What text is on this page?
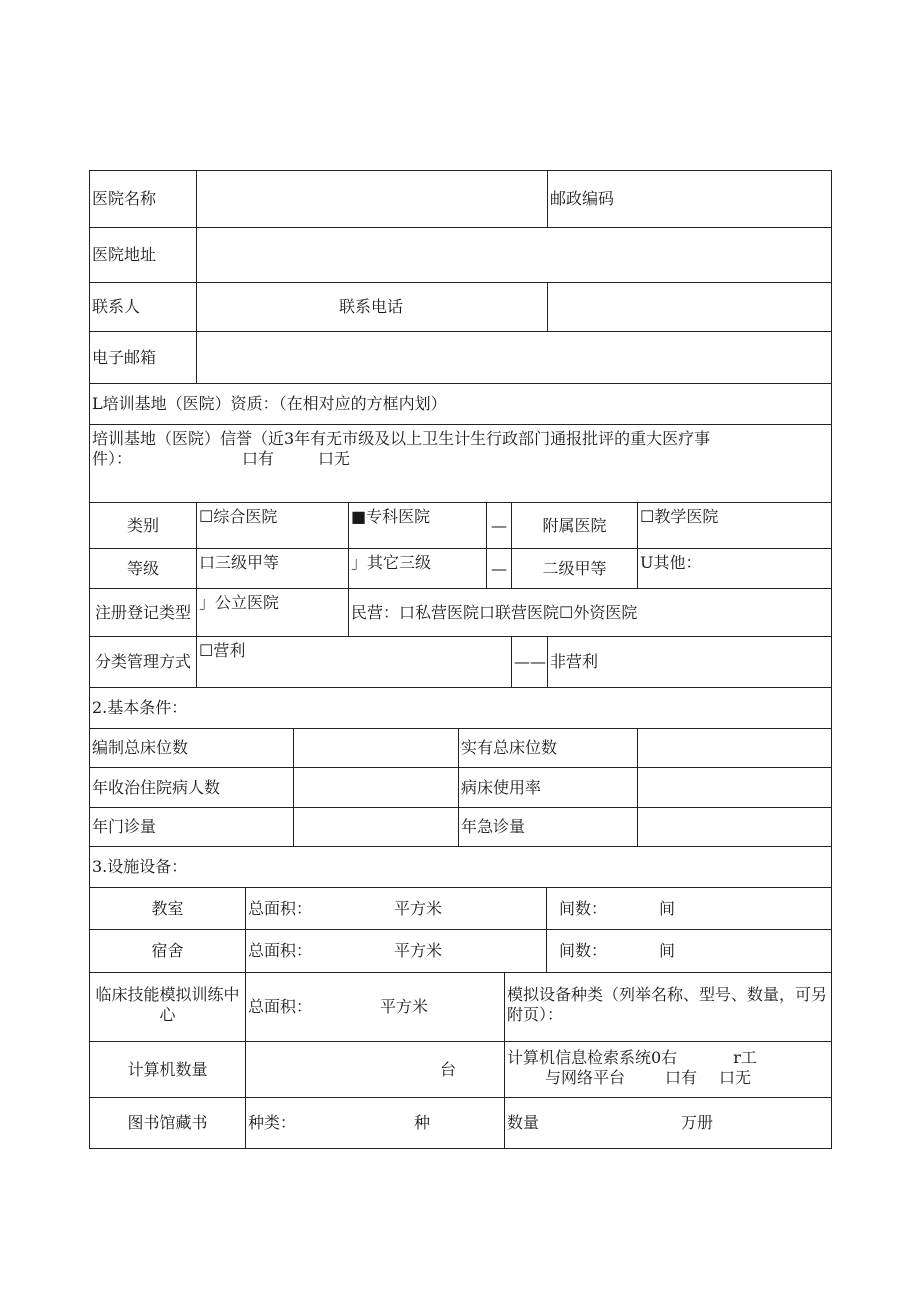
医院名称		邮政编码
医院地址		
联系人	联系电话	
电子邮箱		
L培训基地（医院）资质：（在相对应的方框内划）						

培训基地（医院）信誉（近3年有无市级及以上卫生计生行政部门通报批评的重大医疗事
件）： 口有 口无						

类别	☐综合医院	■专科医院	—	附属医院		☐教学医院
等级	口三级甲等	」其它三级	—	二级甲等		U其他：
注册登记类型	」公立医院	民营：口私营医院口联营医院☐外资医院				
分类管理方式	☐营利			——	非营利	
2.基本条件：			
编制总床位数		实有总床位数	
年收治住院病人数		病床使用率	
年门诊量		年急诊量	
3.设施设备：			
教室	总面积： 平方米		间数： 间
宿舍	总面积： 平方米		间数： 间
临床技能模拟训练中心	总面积： 平方米	模拟设备种类（列举名称、型号、数量，可另附页）：	
计算机数量	台	计算机信息检索系统0右 r工
与网络平台 口有 口无	

图书馆藏书	种类： 种	数量 万册	
